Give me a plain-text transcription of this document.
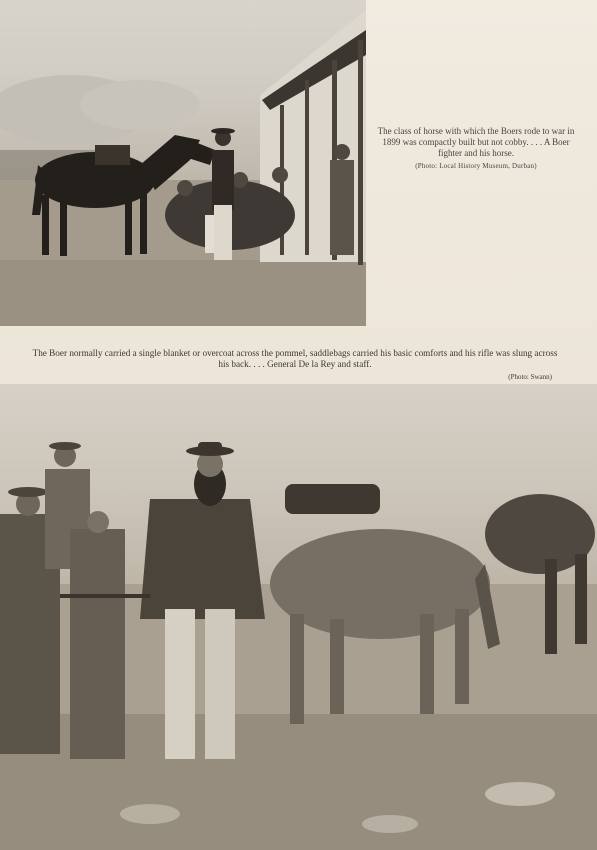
The class of horse with which the Boers rode to war in 1899 was compactly built but not cobby. . . . A Boer fighter and his horse.
(Photo: Local History Museum, Durban)
The Boer normally carried a single blanket or overcoat across the pommel, saddlebags carried his basic comforts and his rifle was slung across his back. . . . General De la Rey and staff.
(Photo: Swann)
